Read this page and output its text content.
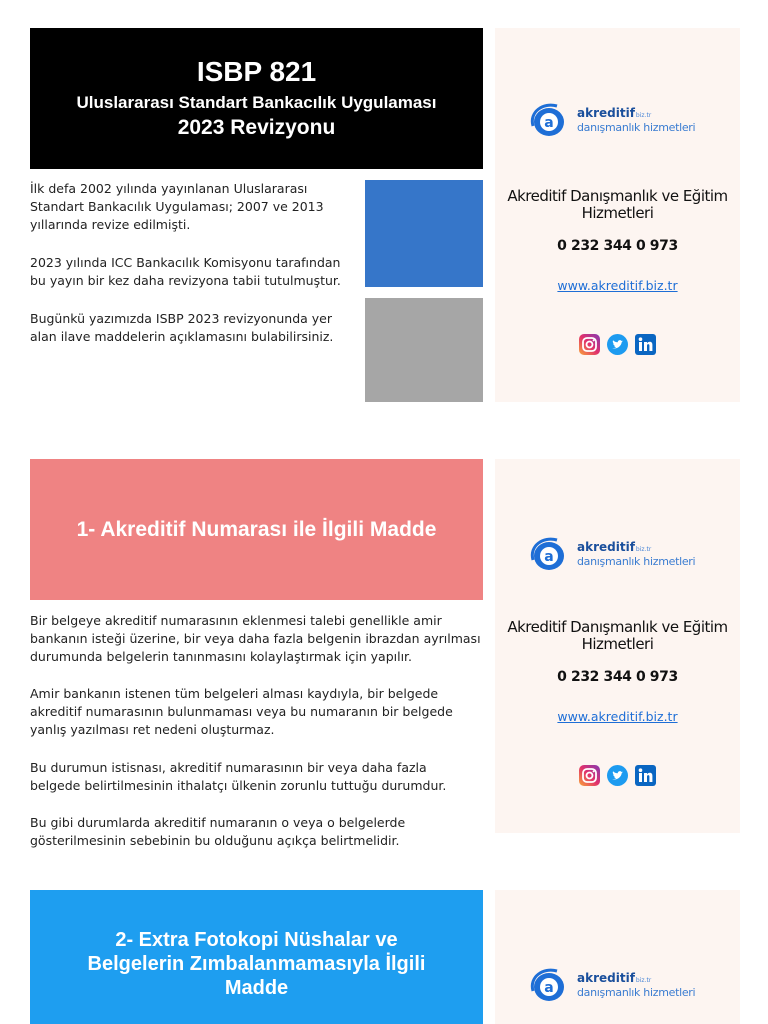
ISBP 821
Uluslararası Standart Bankacılık Uygulaması
2023 Revizyonu

İlk defa 2002 yılında yayınlanan Uluslararası Standart Bankacılık Uygulaması; 2007 ve 2013 yıllarında revize edilmişti.

2023 yılında ICC Bankacılık Komisyonu tarafından bu yayın bir kez daha revizyona tabii tutulmuştur.

Bugünkü yazımızda ISBP 2023 revizyonunda yer alan ilave maddelerin açıklamasını bulabilirsiniz.

a
akreditifbiz.tr
danışmanlık hizmetleri
Akreditif Danışmanlık ve Eğitim Hizmetleri
0 232 344 0 973
www.akreditif.biz.tr
1- Akreditif Numarası ile İlgili Madde

Bir belgeye akreditif numarasının eklenmesi talebi genellikle amir bankanın isteği üzerine, bir veya daha fazla belgenin ibrazdan ayrılması durumunda belgelerin tanınmasını kolaylaştırmak için yapılır.

Amir bankanın istenen tüm belgeleri alması kaydıyla, bir belgede akreditif numarasının bulunmaması veya bu numaranın bir belgede yanlış yazılması ret nedeni oluşturmaz.

Bu durumun istisnası, akreditif numarasının bir veya daha fazla belgede belirtilmesinin ithalatçı ülkenin zorunlu tuttuğu durumdur.

Bu gibi durumlarda akreditif numaranın o veya o belgelerde gösterilmesinin sebebinin bu olduğunu açıkça belirtmelidir.

a
akreditifbiz.tr
danışmanlık hizmetleri
Akreditif Danışmanlık ve Eğitim Hizmetleri
0 232 344 0 973
www.akreditif.biz.tr
2- Extra Fotokopi Nüshalar ve Belgelerin Zımbalanmamasıyla İlgili Madde	a
akreditifbiz.tr
danışmanlık hizmetleri
